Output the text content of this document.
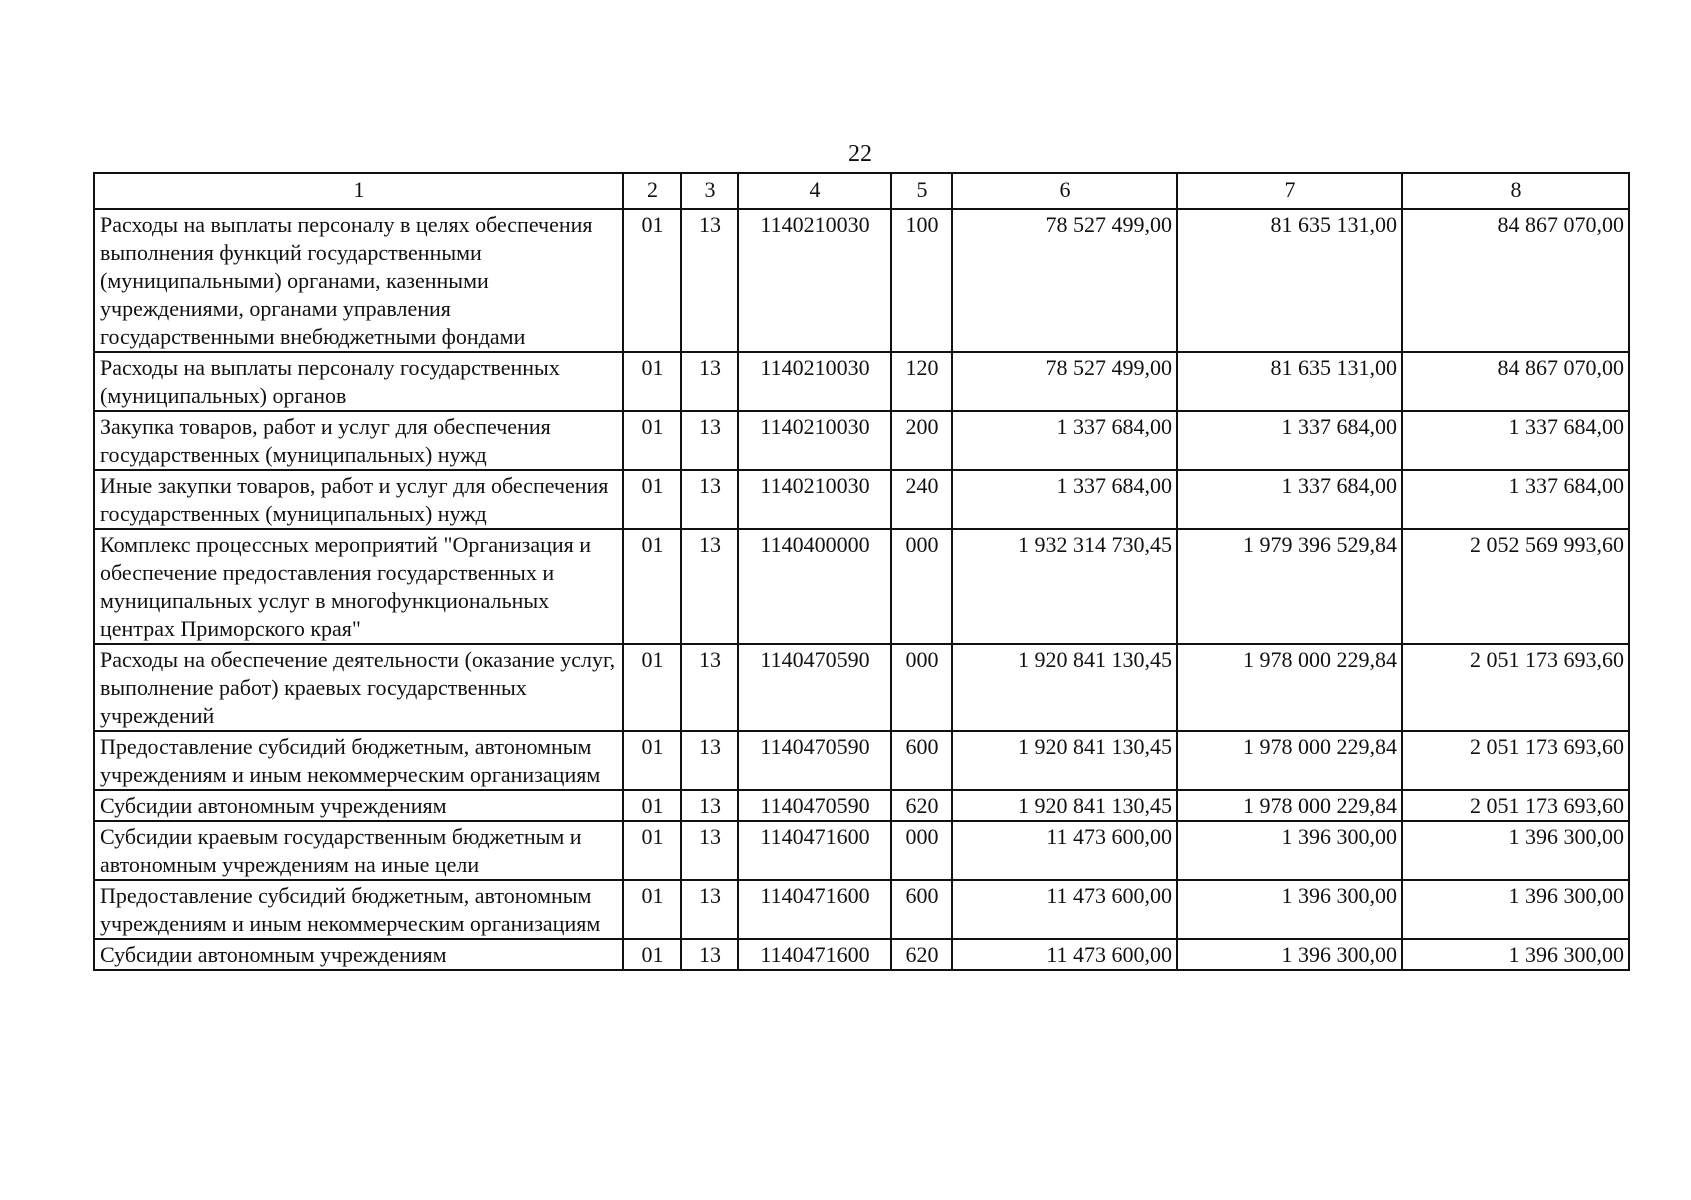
22
1	2	3	4	5	6	7	8
Расходы на выплаты персоналу в целях обеспечения выполнения функций государственными (муниципальными) органами, казенными учреждениями, органами управления государственными внебюджетными фондами	01	13	1140210030	100	78 527 499,00	81 635 131,00	84 867 070,00
Расходы на выплаты персоналу государственных (муниципальных) органов	01	13	1140210030	120	78 527 499,00	81 635 131,00	84 867 070,00
Закупка товаров, работ и услуг для обеспечения государственных (муниципальных) нужд	01	13	1140210030	200	1 337 684,00	1 337 684,00	1 337 684,00
Иные закупки товаров, работ и услуг для обеспечения государственных (муниципальных) нужд	01	13	1140210030	240	1 337 684,00	1 337 684,00	1 337 684,00
Комплекс процессных мероприятий "Организация и обеспечение предоставления государственных и муниципальных услуг в многофункциональных центрах Приморского края"	01	13	1140400000	000	1 932 314 730,45	1 979 396 529,84	2 052 569 993,60
Расходы на обеспечение деятельности (оказание услуг, выполнение работ) краевых государственных учреждений	01	13	1140470590	000	1 920 841 130,45	1 978 000 229,84	2 051 173 693,60
Предоставление субсидий бюджетным, автономным учреждениям и иным некоммерческим организациям	01	13	1140470590	600	1 920 841 130,45	1 978 000 229,84	2 051 173 693,60
Субсидии автономным учреждениям	01	13	1140470590	620	1 920 841 130,45	1 978 000 229,84	2 051 173 693,60
Субсидии краевым государственным бюджетным и автономным учреждениям на иные цели	01	13	1140471600	000	11 473 600,00	1 396 300,00	1 396 300,00
Предоставление субсидий бюджетным, автономным учреждениям и иным некоммерческим организациям	01	13	1140471600	600	11 473 600,00	1 396 300,00	1 396 300,00
Субсидии автономным учреждениям	01	13	1140471600	620	11 473 600,00	1 396 300,00	1 396 300,00
